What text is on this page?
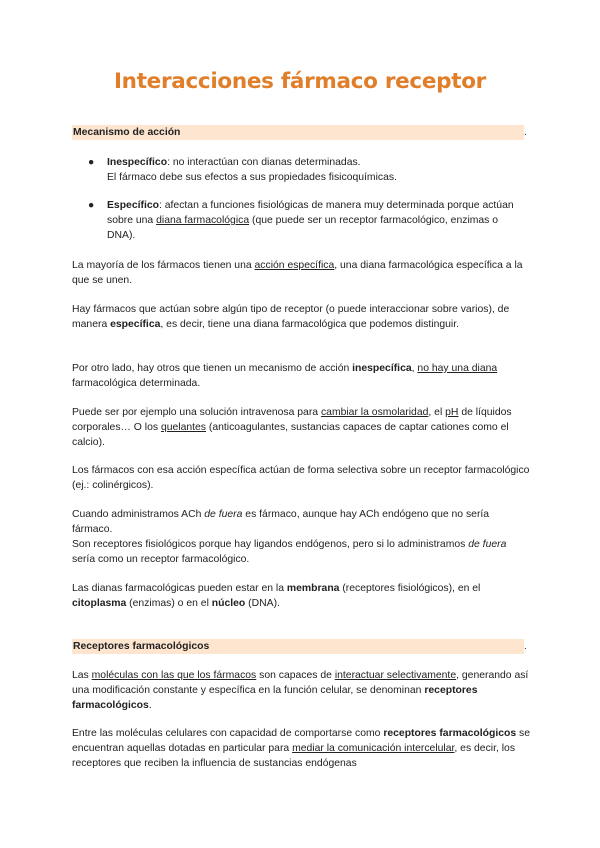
Interacciones fármaco receptor
Mecanismo de acción	.
● Inespecífico: no interactúan con dianas determinadas.

El fármaco debe sus efectos a sus propiedades fisicoquímicas.

● Específico: afectan a funciones fisiológicas de manera muy determinada porque actúan sobre una diana farmacológica (que puede ser un receptor farmacológico, enzimas o DNA).

La mayoría de los fármacos tienen una acción específica, una diana farmacológica específica a la que se unen.

Hay fármacos que actúan sobre algún tipo de receptor (o puede interaccionar sobre varios), de manera específica, es decir, tiene una diana farmacológica que podemos distinguir.

Por otro lado, hay otros que tienen un mecanismo de acción inespecífica, no hay una diana farmacológica determinada.

Puede ser por ejemplo una solución intravenosa para cambiar la osmolaridad, el pH de líquidos corporales… O los quelantes (anticoagulantes, sustancias capaces de captar cationes como el calcio).

Los fármacos con esa acción específica actúan de forma selectiva sobre un receptor farmacológico (ej.: colinérgicos).

Cuando administramos ACh de fuera es fármaco, aunque hay ACh endógeno que no sería fármaco.

Son receptores fisiológicos porque hay ligandos endógenos, pero si lo administramos de fuera sería como un receptor farmacológico.

Las dianas farmacológicas pueden estar en la membrana (receptores fisiológicos), en el citoplasma (enzimas) o en el núcleo (DNA).

Receptores farmacológicos	.

Las moléculas con las que los fármacos son capaces de interactuar selectivamente, generando así una modificación constante y específica en la función celular, se denominan receptores farmacológicos.

Entre las moléculas celulares con capacidad de comportarse como receptores farmacológicos se encuentran aquellas dotadas en particular para mediar la comunicación intercelular, es decir, los receptores que reciben la influencia de sustancias endógenas
